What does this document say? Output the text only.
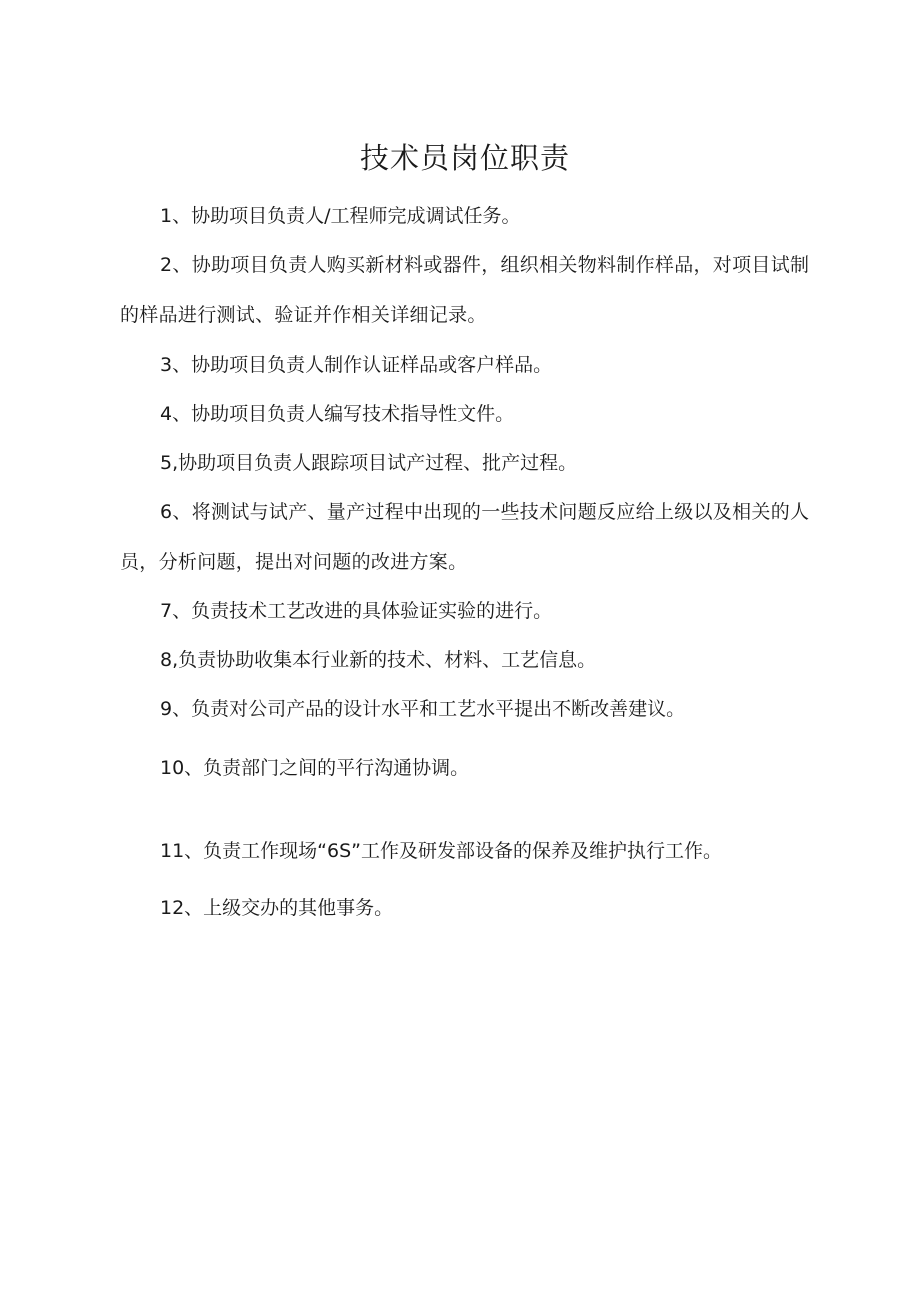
技术员岗位职责

1、协助项目负责人/工程师完成调试任务。

2、协助项目负责人购买新材料或器件，组织相关物料制作样品，对项目试制的样品进行测试、验证并作相关详细记录。

3、协助项目负责人制作认证样品或客户样品。

4、协助项目负责人编写技术指导性文件。

5,协助项目负责人跟踪项目试产过程、批产过程。

6、将测试与试产、量产过程中出现的一些技术问题反应给上级以及相关的人员，分析问题，提出对问题的改进方案。

7、负责技术工艺改进的具体验证实验的进行。

8,负责协助收集本行业新的技术、材料、工艺信息。

9、负责对公司产品的设计水平和工艺水平提出不断改善建议。

10、负责部门之间的平行沟通协调。

11、负责工作现场“6S”工作及研发部设备的保养及维护执行工作。

12、上级交办的其他事务。
